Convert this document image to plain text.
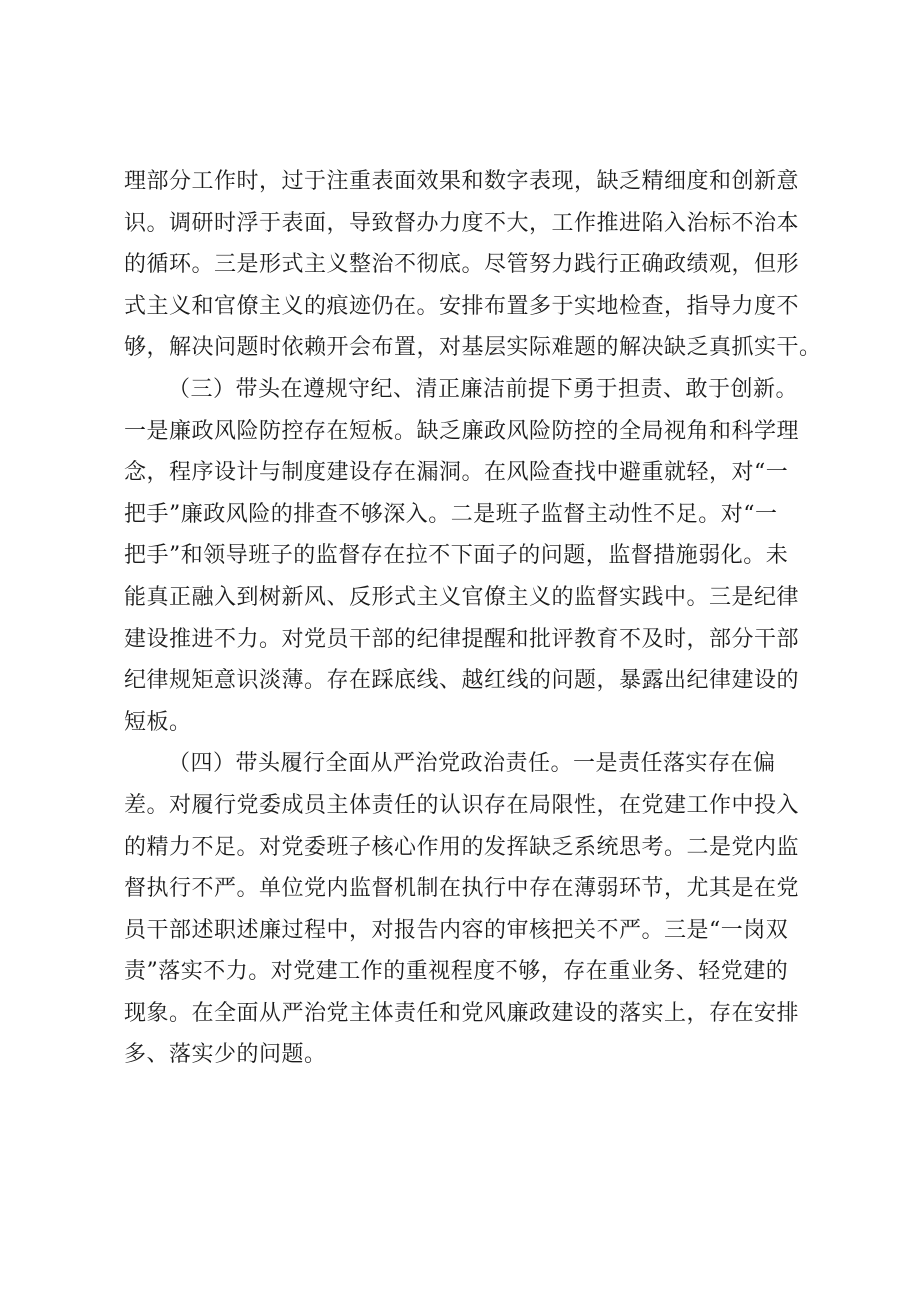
理部分工作时，过于注重表面效果和数字表现，缺乏精细度和创新意
识。调研时浮于表面，导致督办力度不大，工作推进陷入治标不治本
的循环。三是形式主义整治不彻底。尽管努力践行正确政绩观，但形
式主义和官僚主义的痕迹仍在。安排布置多于实地检查，指导力度不
够，解决问题时依赖开会布置，对基层实际难题的解决缺乏真抓实干。
（三）带头在遵规守纪、清正廉洁前提下勇于担责、敢于创新。
一是廉政风险防控存在短板。缺乏廉政风险防控的全局视角和科学理
念，程序设计与制度建设存在漏洞。在风险查找中避重就轻，对“一
把手”廉政风险的排查不够深入。二是班子监督主动性不足。对“一
把手”和领导班子的监督存在拉不下面子的问题，监督措施弱化。未
能真正融入到树新风、反形式主义官僚主义的监督实践中。三是纪律
建设推进不力。对党员干部的纪律提醒和批评教育不及时，部分干部
纪律规矩意识淡薄。存在踩底线、越红线的问题，暴露出纪律建设的
短板。
（四）带头履行全面从严治党政治责任。一是责任落实存在偏
差。对履行党委成员主体责任的认识存在局限性，在党建工作中投入
的精力不足。对党委班子核心作用的发挥缺乏系统思考。二是党内监
督执行不严。单位党内监督机制在执行中存在薄弱环节，尤其是在党
员干部述职述廉过程中，对报告内容的审核把关不严。三是“一岗双
责”落实不力。对党建工作的重视程度不够，存在重业务、轻党建的
现象。在全面从严治党主体责任和党风廉政建设的落实上，存在安排
多、落实少的问题。
